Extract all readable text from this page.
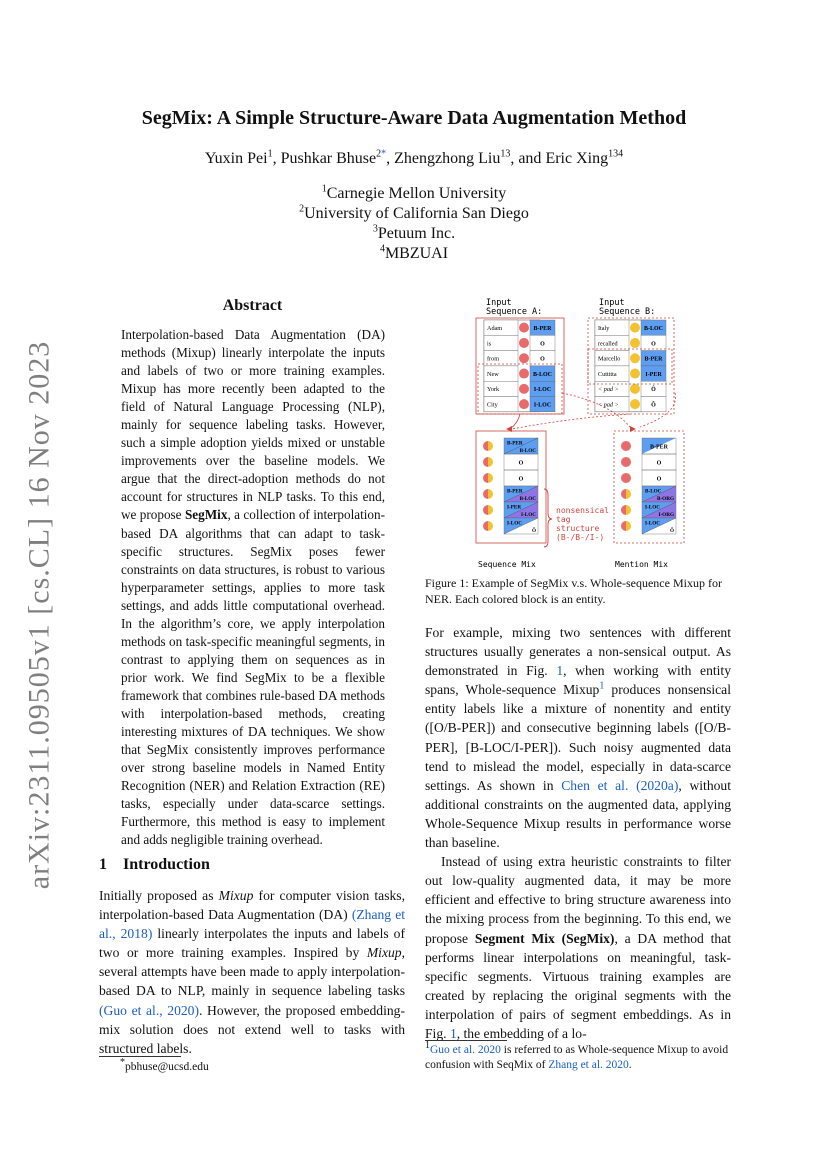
SegMix: A Simple Structure-Aware Data Augmentation Method
Yuxin Pei$^1$, Pushkar Bhuse$^{2*}$, Zhengzhong Liu$^{13}$, and Eric Xing$^{134}$
$^1$Carnegie Mellon University
$^2$University of California San Diego
$^3$Petuum Inc.
$^4$MBZUAI
arXiv:2311.09505v1 [cs.CL] 16 Nov 2023
Abstract
Interpolation-based Data Augmentation (DA) methods (Mixup) linearly interpolate the inputs and labels of two or more training examples. Mixup has more recently been adapted to the field of Natural Language Processing (NLP), mainly for sequence labeling tasks. However, such a simple adoption yields mixed or unstable improvements over the baseline models. We argue that the direct-adoption methods do not account for structures in NLP tasks. To this end, we propose SegMix, a collection of interpolation-based DA algorithms that can adapt to task-specific structures. SegMix poses fewer constraints on data structures, is robust to various hyperparameter settings, applies to more task settings, and adds little computational overhead. In the algorithm’s core, we apply interpolation methods on task-specific meaningful segments, in contrast to applying them on sequences as in prior work. We find SegMix to be a flexible framework that combines rule-based DA methods with interpolation-based methods, creating interesting mixtures of DA techniques. We show that SegMix consistently improves performance over strong baseline models in Named Entity Recognition (NER) and Relation Extraction (RE) tasks, especially under data-scarce settings. Furthermore, this method is easy to implement and adds negligible training overhead.
1 Introduction
Initially proposed as Mixup for computer vision tasks, interpolation-based Data Augmentation (DA) (Zhang et al., 2018) linearly interpolates the inputs and labels of two or more training examples. Inspired by Mixup, several attempts have been made to apply interpolation-based DA to NLP, mainly in sequence labeling tasks (Guo et al., 2020). However, the proposed embedding-mix solution does not extend well to tasks with structured labels.
*pbhuse@ucsd.edu
Input
Sequence A:
Input
Sequence B:
Adam	B-PER
is	O
from	O
New	B-LOC
York	I-LOC
City	I-LOC
Italy	B-LOC
recalled	O
Marcello	B-PER
Cuttitta	I-PER
< pad >	Ô
< pad >	Ô
B-PER
B-LOC
O
O
B-PER
B-LOC
I-PER
I-LOC
I-LOC
Ô
B-PER
O
O
B-LOC
B-ORG
I-LOC
I-ORG
I-LOC
Ô
nonsensical
tag
structure
(B-/B-/I-)
Sequence Mix	Mention Mix
Figure 1: Example of SegMix v.s. Whole-sequence Mixup for NER. Each colored block is an entity.
For example, mixing two sentences with different structures usually generates a non-sensical output. As demonstrated in Fig. 1, when working with entity spans, Whole-sequence Mixup$^1$ produces nonsensical entity labels like a mixture of nonentity and entity ([O/B-PER]) and consecutive beginning labels ([O/B-PER], [B-LOC/I-PER]). Such noisy augmented data tend to mislead the model, especially in data-scarce settings. As shown in Chen et al. (2020a), without additional constraints on the augmented data, applying Whole-Sequence Mixup results in performance worse than baseline.
Instead of using extra heuristic constraints to filter out low-quality augmented data, it may be more efficient and effective to bring structure awareness into the mixing process from the beginning. To this end, we propose Segment Mix (SegMix), a DA method that performs linear interpolations on meaningful, task-specific segments. Virtuous training examples are created by replacing the original segments with the interpolation of pairs of segment embeddings. As in Fig. 1, the embedding of a lo-
$^1$Guo et al. 2020 is referred to as Whole-sequence Mixup to avoid confusion with SeqMix of Zhang et al. 2020.
